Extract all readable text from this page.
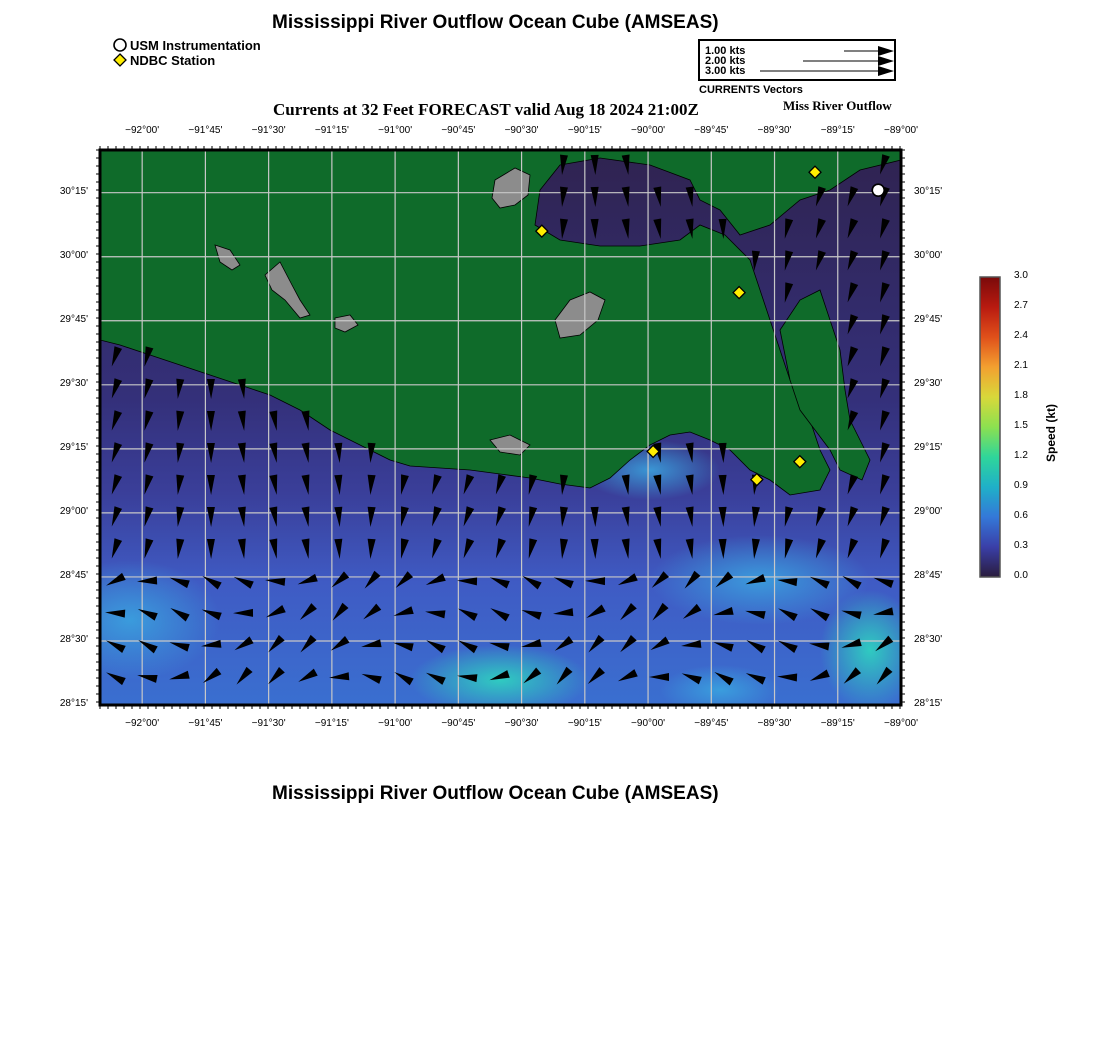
Mississippi River Outflow Ocean Cube (AMSEAS)
USM Instrumentation
NDBC Station
1.00 kts
2.00 kts
3.00 kts
CURRENTS Vectors
Currents at 32 Feet FORECAST valid Aug 18 2024 21:00Z	Miss River Outflow
−92°00'	−91°45'	−91°30'	−91°15'	−91°00'	−90°45'	−90°30'	−90°15'	−90°00'	−89°45'	−89°30'	−89°15'	−89°00'
−92°00'	−91°45'	−91°30'	−91°15'	−91°00'	−90°45'	−90°30'	−90°15'	−90°00'	−89°45'	−89°30'	−89°15'	−89°00'
30°15'
30°00'
29°45'
29°30'
29°15'
29°00'
28°45'
28°30'
28°15'
30°15'
30°00'
29°45'
29°30'
29°15'
29°00'
28°45'
28°30'
28°15'
3.0
2.7
2.4
2.1
1.8
1.5
1.2
0.9
0.6
0.3
0.0
Speed (kt)
Mississippi River Outflow Ocean Cube (AMSEAS)
